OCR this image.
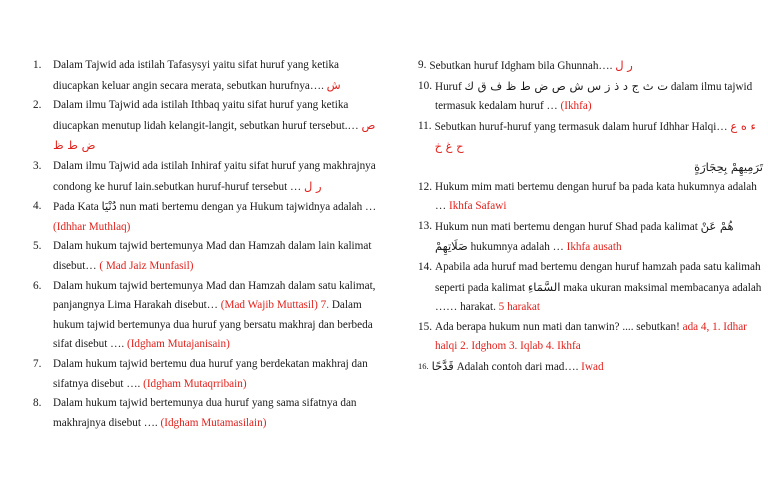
1.	Dalam Tajwid ada istilah Tafasysyi yaitu sifat huruf yang ketika diucapkan keluar angin secara merata, sebutkan hurufnya…. ش
2.	Dalam ilmu Tajwid ada istilah Ithbaq yaitu sifat huruf yang ketika diucapkan menutup lidah kelangit-langit, sebutkan huruf tersebut.… ص ض ط ظ
3.	Dalam ilmu Tajwid ada istilah Inhiraf yaitu sifat huruf yang makhrajnya condong ke huruf lain.sebutkan huruf-huruf tersebut … ر ل
4.	Pada Kata دُنْيَا nun mati bertemu dengan ya Hukum tajwidnya adalah … (Idhhar Muthlaq)
5.	Dalam hukum tajwid bertemunya Mad dan Hamzah dalam lain kalimat disebut… ( Mad Jaiz Munfasil)
6.	Dalam hukum tajwid bertemunya Mad dan Hamzah dalam satu kalimat, panjangnya Lima Harakah disebut… (Mad Wajib Muttasil) 7. Dalam hukum tajwid bertemunya dua huruf yang bersatu makhraj dan berbeda sifat disebut …. (Idgham Mutajanisain)
7.	Dalam hukum tajwid bertemu dua huruf yang berdekatan makhraj dan sifatnya disebut …. (Idgham Mutaqrribain)
8.	Dalam hukum tajwid bertemunya dua huruf yang sama sifatnya dan makhrajnya disebut …. (Idgham Mutamasilain)
9. Sebutkan huruf Idgham bila Ghunnah…. ر ل
10. Huruf ت ث ج د ذ ز س ش ص ض ط ظ ف ق ك dalam ilmu tajwid termasuk kedalam huruf … (Ikhfa)
11. Sebutkan huruf-huruf yang termasuk dalam huruf Idhhar Halqi… ء ه ع ح غ خ
تَرَمِيهِمْ بِحِجَارَةٍ
12. Hukum mim mati bertemu dengan huruf ba pada kata hukumnya adalah … Ikhfa Safawi
13. Hukum nun mati bertemu dengan huruf Shad pada kalimat هُمْ عَنْ صَلَاتِهِمْ hukumnya adalah … Ikhfa ausath
14. Apabila ada huruf mad bertemu dengan huruf hamzah pada satu kalimah seperti pada kalimat السَّمَاءِ maka ukuran maksimal membacanya adalah …… harakat. 5 harakat
15. Ada berapa hukum nun mati dan tanwin? .... sebutkan! ada 4, 1. Idhar halqi 2. Idghom 3. Iqlab 4. Ikhfa
16. قَدَّحًا Adalah contoh dari mad…. Iwad
